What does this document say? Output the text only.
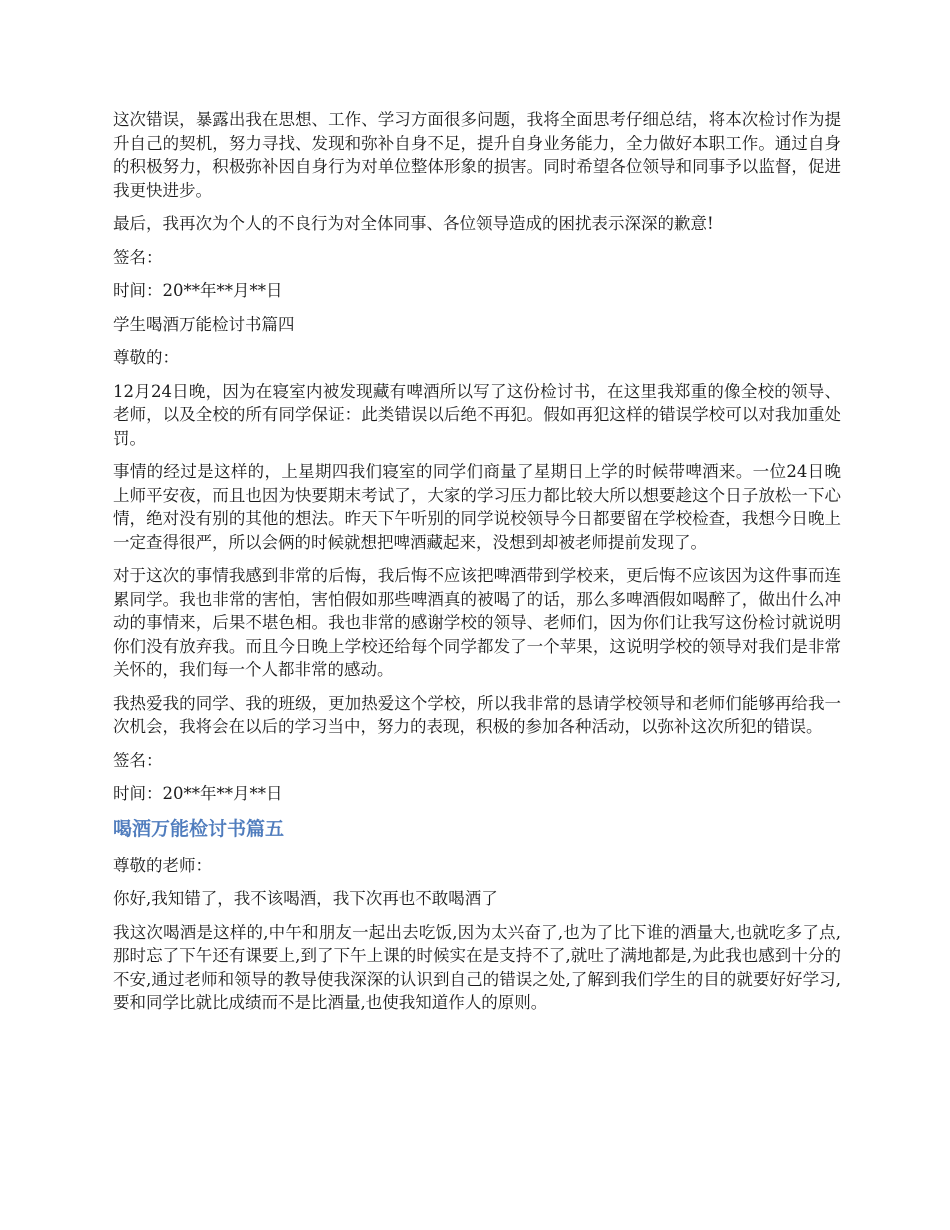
这次错误，暴露出我在思想、工作、学习方面很多问题，我将全面思考仔细总结，将本次检讨作为提升自己的契机，努力寻找、发现和弥补自身不足，提升自身业务能力，全力做好本职工作。通过自身的积极努力，积极弥补因自身行为对单位整体形象的损害。同时希望各位领导和同事予以监督，促进我更快进步。

最后，我再次为个人的不良行为对全体同事、各位领导造成的困扰表示深深的歉意!

签名：

时间：20**年**月**日

学生喝酒万能检讨书篇四

尊敬的：

12月24日晚，因为在寝室内被发现藏有啤酒所以写了这份检讨书，在这里我郑重的像全校的领导、老师，以及全校的所有同学保证：此类错误以后绝不再犯。假如再犯这样的错误学校可以对我加重处罚。

事情的经过是这样的，上星期四我们寝室的同学们商量了星期日上学的时候带啤酒来。一位24日晚上师平安夜，而且也因为快要期末考试了，大家的学习压力都比较大所以想要趁这个日子放松一下心情，绝对没有别的其他的想法。昨天下午听别的同学说校领导今日都要留在学校检查，我想今日晚上一定查得很严，所以会俩的时候就想把啤酒藏起来，没想到却被老师提前发现了。

对于这次的事情我感到非常的后悔，我后悔不应该把啤酒带到学校来，更后悔不应该因为这件事而连累同学。我也非常的害怕，害怕假如那些啤酒真的被喝了的话，那么多啤酒假如喝醉了，做出什么冲动的事情来，后果不堪色相。我也非常的感谢学校的领导、老师们，因为你们让我写这份检讨就说明你们没有放弃我。而且今日晚上学校还给每个同学都发了一个苹果，这说明学校的领导对我们是非常关怀的，我们每一个人都非常的感动。

我热爱我的同学、我的班级，更加热爱这个学校，所以我非常的恳请学校领导和老师们能够再给我一次机会，我将会在以后的学习当中，努力的表现，积极的参加各种活动，以弥补这次所犯的错误。

签名：

时间：20**年**月**日

喝酒万能检讨书篇五

尊敬的老师：

你好,我知错了，我不该喝酒，我下次再也不敢喝酒了

我这次喝酒是这样的,中午和朋友一起出去吃饭,因为太兴奋了,也为了比下谁的酒量大,也就吃多了点,那时忘了下午还有课要上,到了下午上课的时候实在是支持不了,就吐了满地都是,为此我也感到十分的不安,通过老师和领导的教导使我深深的认识到自己的错误之处,了解到我们学生的目的就要好好学习,要和同学比就比成绩而不是比酒量,也使我知道作人的原则。
